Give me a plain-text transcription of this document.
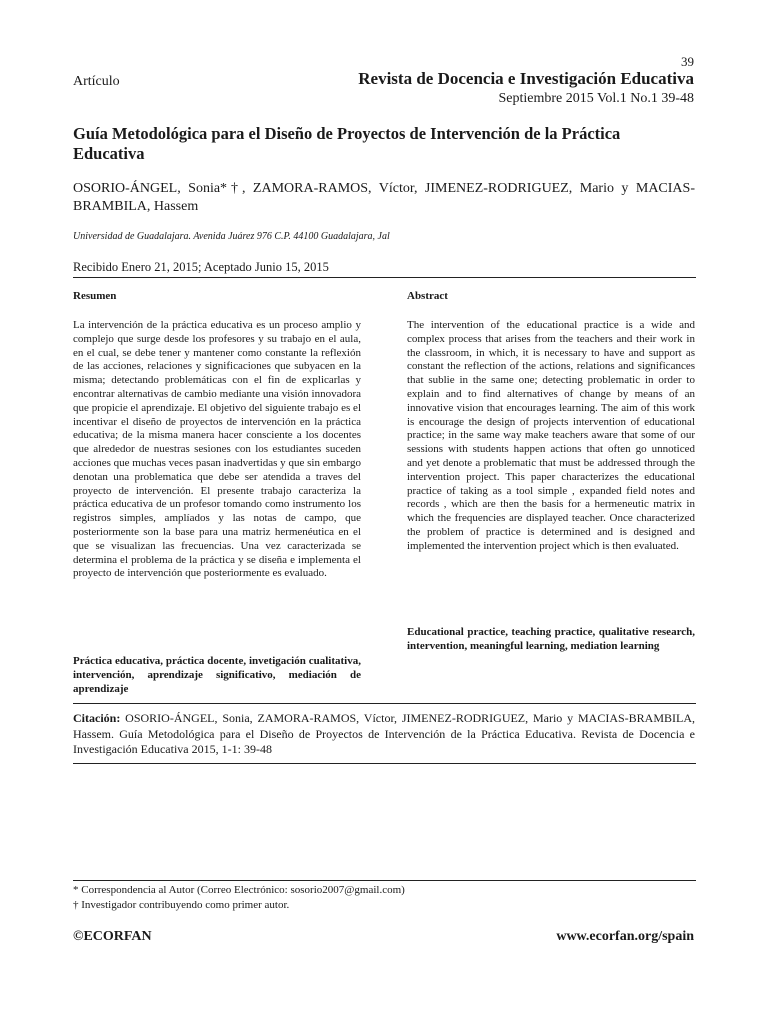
39
Artículo	Revista de Docencia e Investigación Educativa
Septiembre 2015 Vol.1 No.1 39-48
Guía Metodológica para el Diseño de Proyectos de Intervención de la Práctica Educativa
OSORIO-ÁNGEL, Sonia*†, ZAMORA-RAMOS, Víctor, JIMENEZ-RODRIGUEZ, Mario y MACIAS-BRAMBILA, Hassem
Universidad de Guadalajara. Avenida Juárez 976 C.P. 44100 Guadalajara, Jal
Recibido Enero 21, 2015; Aceptado Junio 15, 2015
Resumen

La intervención de la práctica educativa es un proceso amplio y complejo que surge desde los profesores y su trabajo en el aula, en el cual, se debe tener y mantener como constante la reflexión de las acciones, relaciones y significaciones que subyacen en la misma; detectando problemáticas con el fin de explicarlas y encontrar alternativas de cambio mediante una visión innovadora que propicie el aprendizaje. El objetivo del siguiente trabajo es el incentivar el diseño de proyectos de intervención en la práctica educativa; de la misma manera hacer consciente a los docentes que alrededor de nuestras sesiones con los estudiantes suceden acciones que muchas veces pasan inadvertidas y que sin embargo denotan una problematica que debe ser atendida a traves del proyecto de intervención. El presente trabajo caracteriza la práctica educativa de un profesor tomando como instrumento los registros simples, amplíados y las notas de campo, que posteriormente son la base para una matriz hermenéutica en el que se visualizan las frecuencias. Una vez caracterizada se determina el problema de la práctica y se diseña e implementa el proyecto de intervención que posteriormente es evaluado.

Práctica educativa, práctica docente, invetigación cualitativa, intervención, aprendizaje significativo, mediación de aprendizaje

Abstract

The intervention of the educational practice is a wide and complex process that arises from the teachers and their work in the classroom, in which, it is necessary to have and support as constant the reflection of the actions, relations and significances that sublie in the same one; detecting problematic in order to explain and to find alternatives of change by means of an innovative vision that encourages learning. The aim of this work is encourage the design of projects intervention of educational practice; in the same way make teachers aware that some of our sessions with students happen actions that often go unnoticed and yet denote a problematic that must be addressed through the intervention project. This paper characterizes the educational practice of taking as a tool simple , expanded field notes and records , which are then the basis for a hermeneutic matrix in which the frequencies are displayed teacher. Once characterized the problem of practice is determined and is designed and implemented the intervention project which is then evaluated.

Educational practice, teaching practice, qualitative research, intervention, meaningful learning, mediation learning

Citación: OSORIO-ÁNGEL, Sonia, ZAMORA-RAMOS, Víctor, JIMENEZ-RODRIGUEZ, Mario y MACIAS-BRAMBILA, Hassem. Guía Metodológica para el Diseño de Proyectos de Intervención de la Práctica Educativa. Revista de Docencia e Investigación Educativa 2015, 1-1: 39-48

* Correspondencia al Autor (Correo Electrónico: sosorio2007@gmail.com)
† Investigador contribuyendo como primer autor.
©ECORFAN	www.ecorfan.org/spain
